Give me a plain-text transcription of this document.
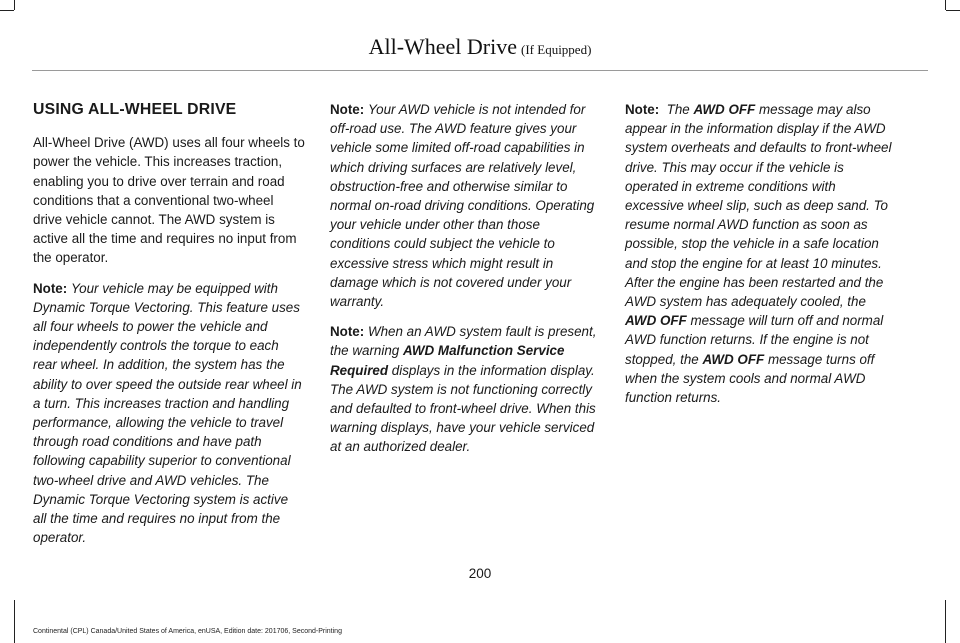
All-Wheel Drive (If Equipped)
USING ALL-WHEEL DRIVE

All-Wheel Drive (AWD) uses all four wheels to power the vehicle. This increases traction, enabling you to drive over terrain and road conditions that a conventional two-wheel drive vehicle cannot. The AWD system is active all the time and requires no input from the operator.

Note: Your vehicle may be equipped with Dynamic Torque Vectoring. This feature uses all four wheels to power the vehicle and independently controls the torque to each rear wheel. In addition, the system has the ability to over speed the outside rear wheel in a turn. This increases traction and handling performance, allowing the vehicle to travel through road conditions and have path following capability superior to conventional two-wheel drive and AWD vehicles. The Dynamic Torque Vectoring system is active all the time and requires no input from the operator.

Note: Your AWD vehicle is not intended for off-road use. The AWD feature gives your vehicle some limited off-road capabilities in which driving surfaces are relatively level, obstruction-free and otherwise similar to normal on-road driving conditions. Operating your vehicle under other than those conditions could subject the vehicle to excessive stress which might result in damage which is not covered under your warranty.

Note: When an AWD system fault is present, the warning AWD Malfunction Service Required displays in the information display. The AWD system is not functioning correctly and defaulted to front-wheel drive. When this warning displays, have your vehicle serviced at an authorized dealer.

Note: The AWD OFF message may also appear in the information display if the AWD system overheats and defaults to front-wheel drive. This may occur if the vehicle is operated in extreme conditions with excessive wheel slip, such as deep sand. To resume normal AWD function as soon as possible, stop the vehicle in a safe location and stop the engine for at least 10 minutes. After the engine has been restarted and the AWD system has adequately cooled, the AWD OFF message will turn off and normal AWD function returns. If the engine is not stopped, the AWD OFF message turns off when the system cools and normal AWD function returns.

200
Continental (CPL) Canada/United States of America, enUSA, Edition date: 201706, Second-Printing
